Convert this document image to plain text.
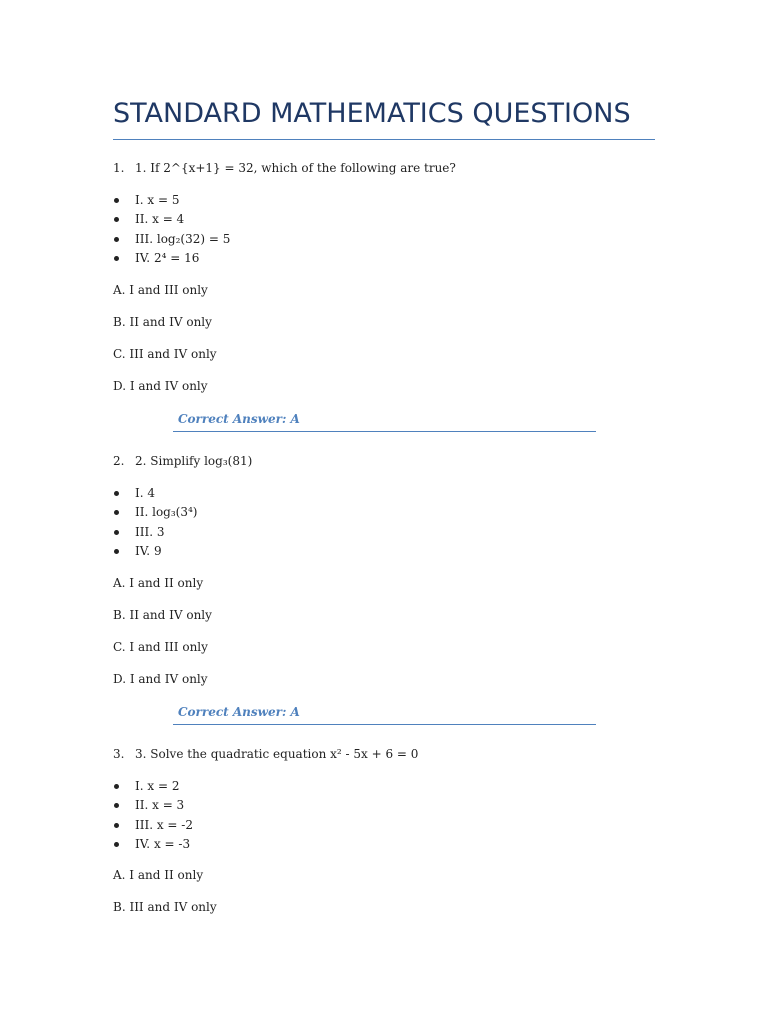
STANDARD MATHEMATICS QUESTIONS
1. 1. If 2^{x+1} = 32, which of the following are true?
I. x = 5
II. x = 4
III. log₂(32) = 5
IV. 2⁴ = 16
A. I and III only
B. II and IV only
C. III and IV only
D. I and IV only
Correct Answer: A
2. 2. Simplify log₃(81)
I. 4
II. log₃(3⁴)
III. 3
IV. 9
A. I and II only
B. II and IV only
C. I and III only
D. I and IV only
Correct Answer: A
3. 3. Solve the quadratic equation x² - 5x + 6 = 0
I. x = 2
II. x = 3
III. x = -2
IV. x = -3
A. I and II only
B. III and IV only
